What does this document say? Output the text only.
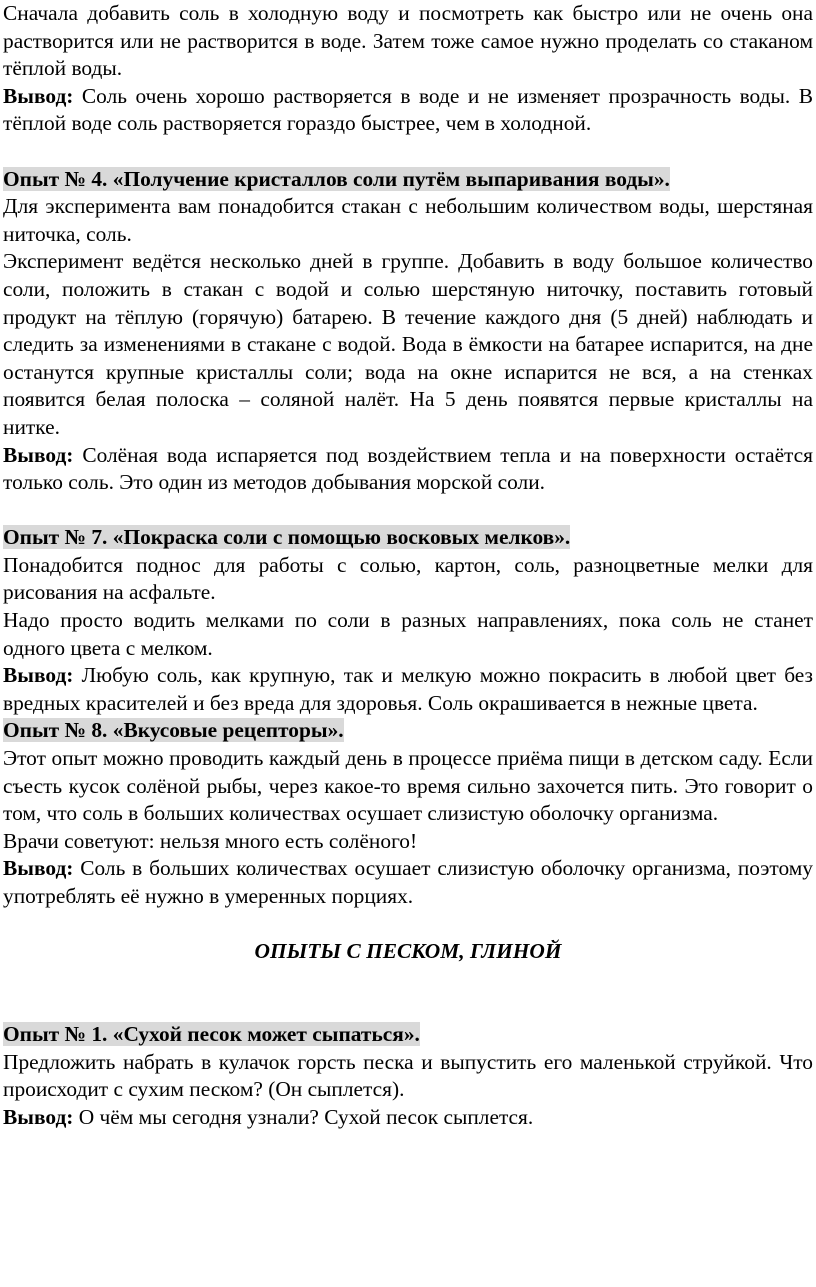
Сначала добавить соль в холодную воду и посмотреть как быстро или не очень она растворится или не растворится в воде. Затем тоже самое нужно проделать со стаканом тёплой воды.

Вывод: Соль очень хорошо растворяется в воде и не изменяет прозрачность воды. В тёплой воде соль растворяется гораздо быстрее, чем в холодной.

Опыт № 4. «Получение кристаллов соли путём выпаривания воды».

Для эксперимента вам понадобится стакан с небольшим количеством воды, шерстяная ниточка, соль.

Эксперимент ведётся несколько дней в группе. Добавить в воду большое количество соли, положить в стакан с водой и солью шерстяную ниточку, поставить готовый продукт на тёплую (горячую) батарею. В течение каждого дня (5 дней) наблюдать и следить за изменениями в стакане с водой. Вода в ёмкости на батарее испарится, на дне останутся крупные кристаллы соли; вода на окне испарится не вся, а на стенках появится белая полоска – соляной налёт. На 5 день появятся первые кристаллы на нитке.

Вывод: Солёная вода испаряется под воздействием тепла и на поверхности остаётся только соль. Это один из методов добывания морской соли.

Опыт № 7. «Покраска соли с помощью восковых мелков».

Понадобится поднос для работы с солью, картон, соль, разноцветные мелки для рисования на асфальте.

Надо просто водить мелками по соли в разных направлениях, пока соль не станет одного цвета с мелком.

Вывод: Любую соль, как крупную, так и мелкую можно покрасить в любой цвет без вредных красителей и без вреда для здоровья. Соль окрашивается в нежные цвета.

Опыт № 8. «Вкусовые рецепторы».

Этот опыт можно проводить каждый день в процессе приёма пищи в детском саду. Если съесть кусок солёной рыбы, через какое-то время сильно захочется пить. Это говорит о том, что соль в больших количествах осушает слизистую оболочку организма.

Врачи советуют: нельзя много есть солёного!

Вывод: Соль в больших количествах осушает слизистую оболочку организма, поэтому употреблять её нужно в умеренных порциях.

ОПЫТЫ С ПЕСКОМ, ГЛИНОЙ

Опыт № 1. «Сухой песок может сыпаться».

Предложить набрать в кулачок горсть песка и выпустить его маленькой струйкой. Что происходит с сухим песком? (Он сыплется).

Вывод: О чём мы сегодня узнали? Сухой песок сыплется.
